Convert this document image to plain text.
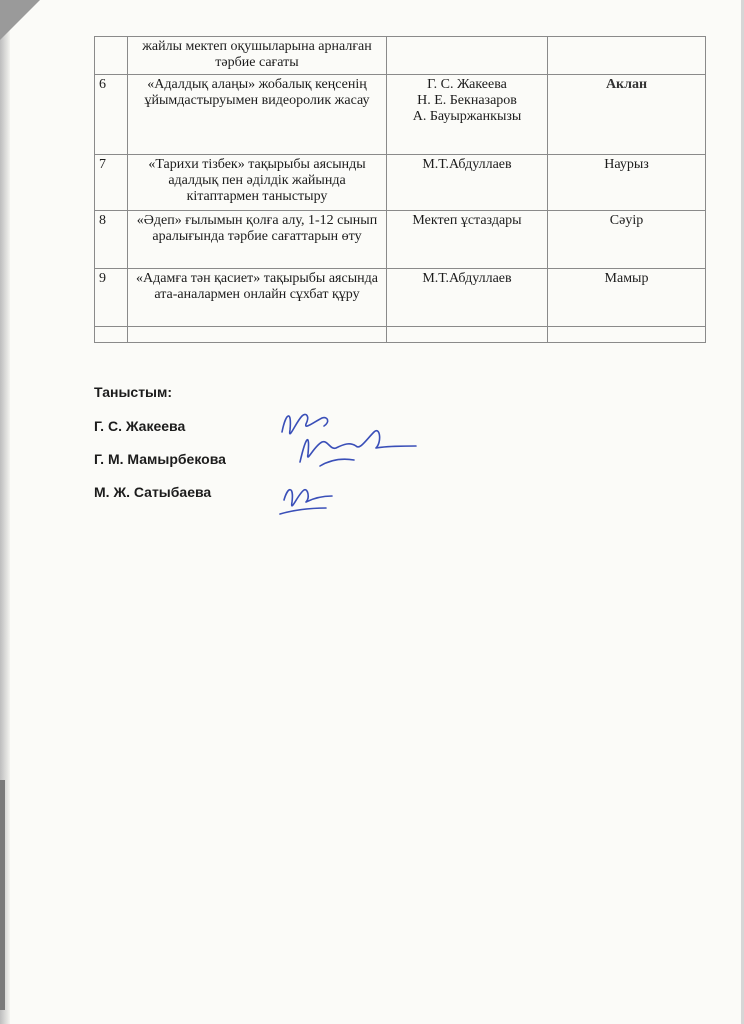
	жайлы мектеп оқушыларына арналған тәрбие сағаты		
6	«Адалдық алаңы» жобалық кеңсенің ұйымдастыруымен видеоролик жасау	Г. С. Жакеева
Н. Е. Бекназаров
А. Бауыржанкызы	Аклан
7	«Тарихи тізбек» тақырыбы аясынды адалдық пен әділдік жайында кітаптармен таныстыру	М.Т.Абдуллаев	Наурыз
8	«Әдеп» ғылымын қолға алу, 1-12 сынып аралығында тәрбие сағаттарын өту	Мектеп ұстаздары	Сәуір
9	«Адамға тән қасиет» тақырыбы аясында ата-аналармен онлайн сұхбат құру	М.Т.Абдуллаев	Мамыр

Таныстым:

Г. С. Жакеева

Г. М. Мамырбекова

М. Ж. Сатыбаева
